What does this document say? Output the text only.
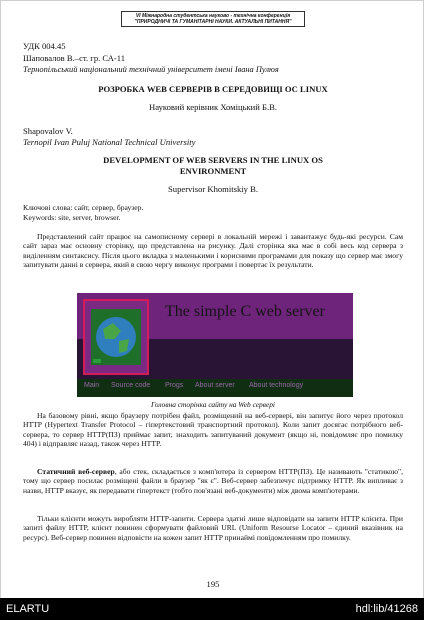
VI Міжнародна студентська науково - технічна конференція
"ПРИРОДНИЧІ ТА ГУМАНІТАРНІ НАУКИ. АКТУАЛЬНІ ПИТАННЯ"
УДК 004.45
Шаповалов В.–ст. гр. СА-11
Тернопільський національний технічний університет імені Івана Пулюя
РОЗРОБКА WEB СЕРВЕРІВ В СЕРЕДОВИЩІ ОС LINUX
Науковий керівник Хоміцький Б.В.
Shapovalov V.
Ternopil Ivan Puluj National Technical University
DEVELOPMENT OF WEB SERVERS IN THE LINUX OS
ENVIRONMENT
Supervisor Khomitskiy B.
Ключові слова: сайт, сервер, браузер.
Keywords: site, server, browser.
Представлений сайт працює на самописному сервері в локальній мережі і завантажує будь-які ресурси. Сам сайт зараз має основну сторінку, що представлена на рисунку. Далі сторінка яка має в собі весь код сервера з виділенням синтаксису. Після цього вкладка з маленькими і корисними програмами для показу що сервер має змогу запитувати данні в сервера, який в свою чергу виконує програми і повертає їх результати.
The simple C web server
Main Source code Progs About server About technology
Головна сторінка сайту на Web сервері
На базовому рівні, якщо браузеру потрібен файл, розміщений на веб-сервері, він запитує його через протокол HTTP (Hypertext Transfer Protocol – гіпертекстовий транспортний протокол). Коли запит досягає потрібного веб-сервера, то сервер HTTP(ПЗ) приймає запит, знаходить запитуваний документ (якщо ні, повідомляє про помилку 404) і відправляє назад, також через HTTP.
Статичний веб-сервер, або стек, складається з комп'ютера із сервером HTTP(ПЗ). Це називають "статикою", тому що сервер посилає розміщені файли в браузер "як є". Веб-сервер забезпечує підтримку HTTP. Як випливає з назви, HTTP вказує, як передавати гіпертекст (тобто пов'язані веб-документи) між двома комп'ютерами.
Тільки клієнти можуть виробляти HTTP-запити. Сервера здатні лише відповідати на запити HTTP клієнта. При запиті файлу HTTP, клієнт повинен сформувати файловий URL (Uniform Resourse Locator – єдиний вказівник на ресурс). Веб-сервер повинен відповісти на кожен запит HTTP принаймі повідомленням про помилку.
195
ELARTU	hdl:lib/41268
